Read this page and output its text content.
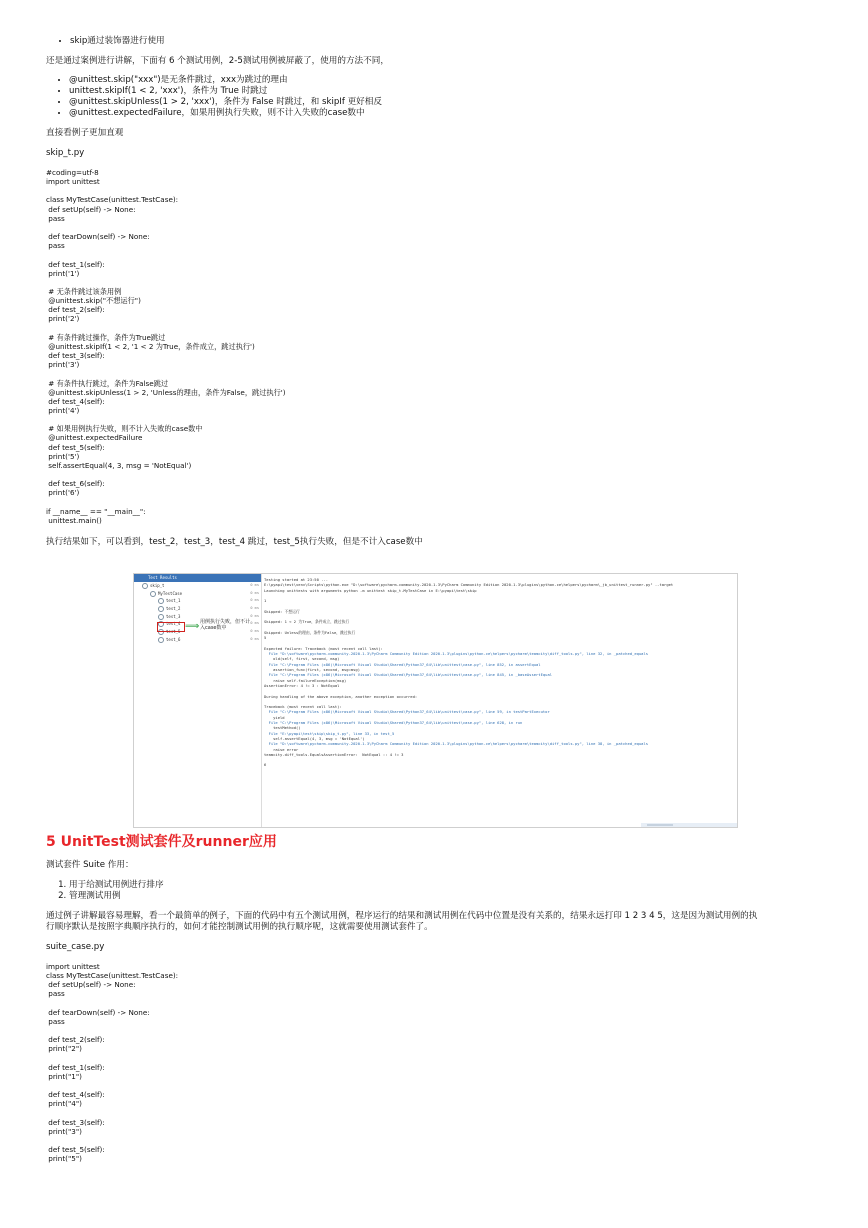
• skip通过装饰器进行使用

还是通过案例进行讲解，下面有 6 个测试用例，2-5测试用例被屏蔽了，使用的方法不同，

• @unittest.skip("xxx")是无条件跳过，xxx为跳过的理由
• unittest.skipIf(1 < 2, 'xxx')，条件为 True 时跳过
• @unittest.skipUnless(1 > 2, 'xxx')，条件为 False 时跳过，和 skipIf 更好相反
• @unittest.expectedFailure，如果用例执行失败，则不计入失败的case数中

直接看例子更加直观

skip_t.py

#coding=utf-8
import unittest
class MyTestCase(unittest.TestCase):
def setUp(self) -> None:
pass
def tearDown(self) -> None:
pass
def test_1(self):
print('1')
# 无条件跳过该条用例
@unittest.skip("不想运行")
def test_2(self):
print('2')
# 有条件跳过操作，条件为True跳过
@unittest.skipIf(1 < 2, '1 < 2 为True，条件成立，跳过执行')
def test_3(self):
print('3')
# 有条件执行跳过，条件为False跳过
@unittest.skipUnless(1 > 2, 'Unless的理由，条件为False，跳过执行')
def test_4(self):
print('4')
# 如果用例执行失败，则不计入失败的case数中
@unittest.expectedFailure
def test_5(self):
print('5')
self.assertEqual(4, 3, msg = 'NotEqual')
def test_6(self):
print('6')
if __name__ == "__main__":
unittest.main()

执行结果如下，可以看到，test_2，test_3，test_4 跳过，test_5执行失败，但是不计入case数中

Test Results
skip_t	0 ms
MyTestCase	0 ms
test_1	0 ms
test_2	0 ms
test_3	0 ms
test_4	0 ms
test_5	0 ms
test_6	0 ms
⟹ 用例执行失败，但不计入case数中
Testing started at 23:50 ...
E:\pyapi\test\venv\Scripts\python.exe "D:\software\pycharm-community-2020.1.3\PyCharm Community Edition 2020.1.3\plugins\python-ce\helpers\pycharm\_jb_unittest_runner.py" --target
Launching unittests with arguments python -m unittest skip_t.MyTestCase in E:\pyapi\test\skip
1
Skipped: 不想运行
Skipped: 1 < 2 为True，条件成立，跳过执行
Skipped: Unless的理由，条件为False，跳过执行
5
Expected failure: Traceback (most recent call last):
File "D:\software\pycharm-community-2020.1.3\PyCharm Community Edition 2020.1.3\plugins\python-ce\helpers\pycharm\teamcity\diff_tools.py", line 32, in _patched_equals
old(self, first, second, msg)
File "C:\Program Files (x86)\Microsoft Visual Studio\Shared\Python37_64\lib\unittest\case.py", line 852, in assertEqual
assertion_func(first, second, msg=msg)
File "C:\Program Files (x86)\Microsoft Visual Studio\Shared\Python37_64\lib\unittest\case.py", line 845, in _baseAssertEqual
raise self.failureException(msg)
AssertionError: 4 != 3 : NotEqual
During handling of the above exception, another exception occurred:
Traceback (most recent call last):
File "C:\Program Files (x86)\Microsoft Visual Studio\Shared\Python37_64\lib\unittest\case.py", line 59, in testPartExecutor
yield
File "C:\Program Files (x86)\Microsoft Visual Studio\Shared\Python37_64\lib\unittest\case.py", line 628, in run
testMethod()
File "E:\pyapi\test\skip\skip_t.py", line 33, in test_5
self.assertEqual(4, 3, msg = 'NotEqual')
File "D:\software\pycharm-community-2020.1.3\PyCharm Community Edition 2020.1.3\plugins\python-ce\helpers\pycharm\teamcity\diff_tools.py", line 38, in _patched_equals
raise error
teamcity.diff_tools.EqualsAssertionError:  NotEqual :: 4 != 3
6
5 UnitTest测试套件及runner应用

测试套件 Suite 作用：

1. 用于给测试用例进行排序
2. 管理测试用例

通过例子讲解最容易理解，看一个最简单的例子，下面的代码中有五个测试用例，程序运行的结果和测试用例在代码中位置是没有关系的，结果永远打印 1 2 3 4 5，这是因为测试用例的执

行顺序默认是按照字典顺序执行的，如何才能控制测试用例的执行顺序呢，这就需要使用测试套件了。

suite_case.py

import unittest
class MyTestCase(unittest.TestCase):
def setUp(self) -> None:
pass
def tearDown(self) -> None:
pass
def test_2(self):
print("2")
def test_1(self):
print("1")
def test_4(self):
print("4")
def test_3(self):
print("3")
def test_5(self):
print("5")
